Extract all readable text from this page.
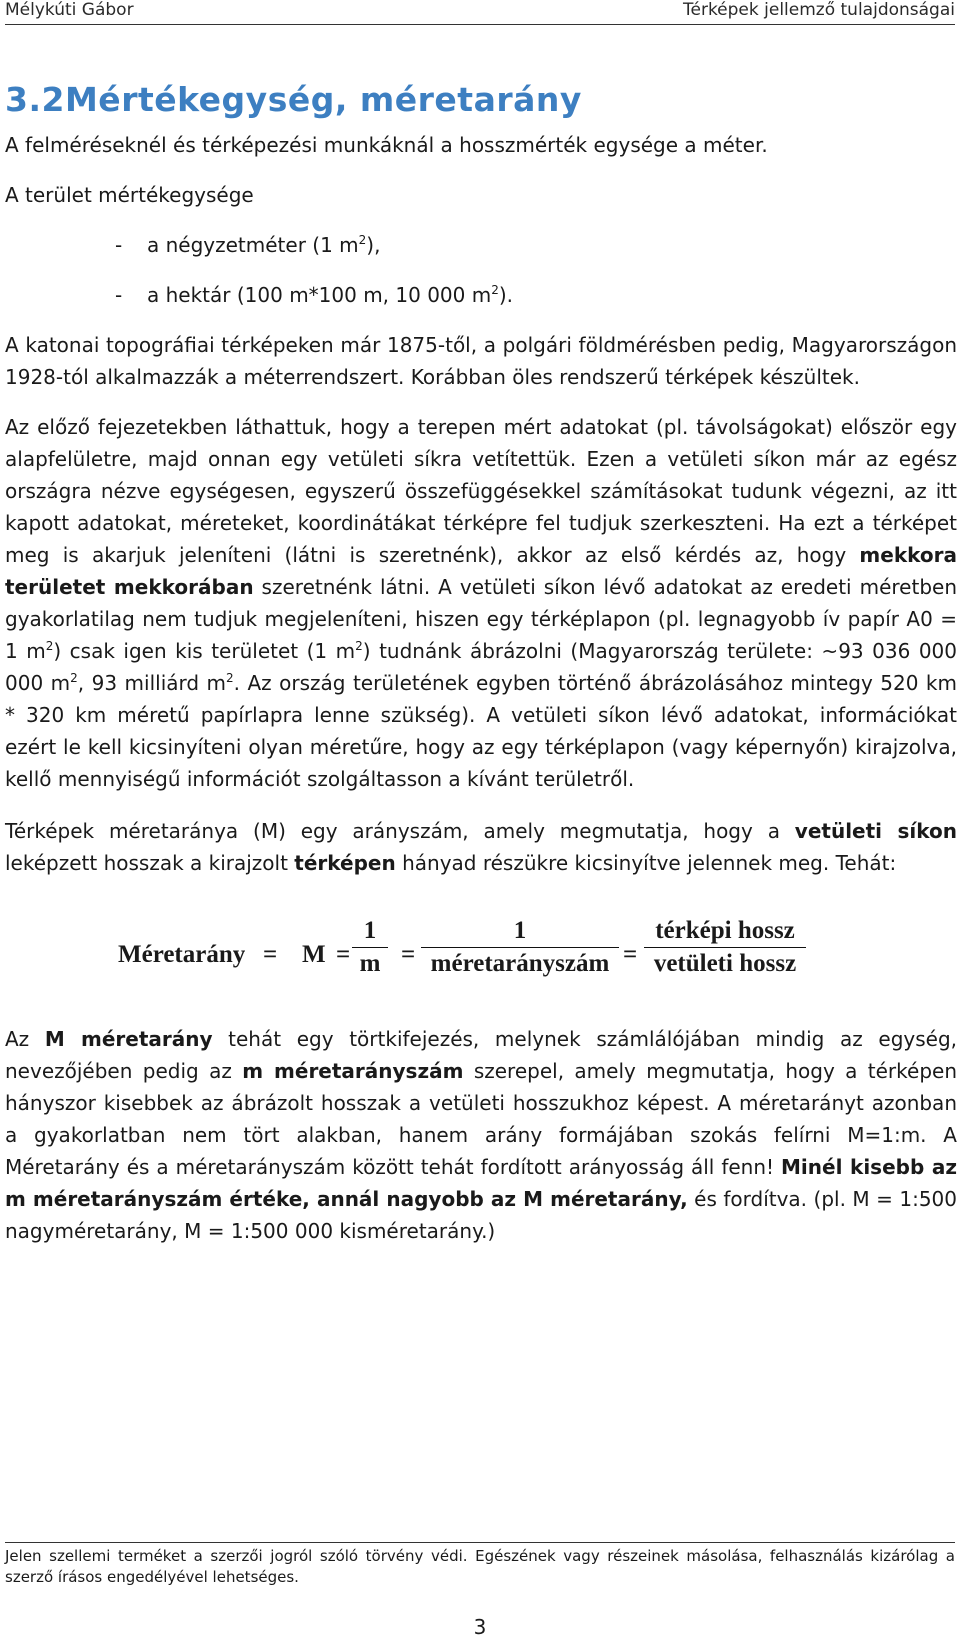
Mélykúti Gábor	Térképek jellemző tulajdonságai
3.2Mértékegység, méretarány

A felméréseknél és térképezési munkáknál a hosszmérték egysége a méter.

A terület mértékegysége

- a négyzetméter (1 $m^2$),
- a hektár (100 m*100 m, 10 000 $m^2$).

A katonai topográfiai térképeken már 1875-től, a polgári földmérésben pedig, Magyarországon 1928-tól alkalmazzák a méterrendszert. Korábban öles rendszerű térképek készültek.

Az előző fejezetekben láthattuk, hogy a terepen mért adatokat (pl. távolságokat) először egy alapfelületre, majd onnan egy vetületi síkra vetítettük. Ezen a vetületi síkon már az egész országra nézve egységesen, egyszerű összefüggésekkel számításokat tudunk végezni, az itt kapott adatokat, méreteket, koordinátákat térképre fel tudjuk szerkeszteni. Ha ezt a térképet meg is akarjuk jeleníteni (látni is szeretnénk), akkor az első kérdés az, hogy mekkora területet mekkorában szeretnénk látni. A vetületi síkon lévő adatokat az eredeti méretben gyakorlatilag nem tudjuk megjeleníteni, hiszen egy térképlapon (pl. legnagyobb ív papír A0 = 1 $m^2$) csak igen kis területet (1 $m^2$) tudnánk ábrázolni (Magyarország területe: ~93 036 000 000 $m^2$, 93 milliárd $m^2$. Az ország területének egyben történő ábrázolásához mintegy 520 km * 320 km méretű papírlapra lenne szükség). A vetületi síkon lévő adatokat, információkat ezért le kell kicsinyíteni olyan méretűre, hogy az egy térképlapon (vagy képernyőn) kirajzolva, kellő mennyiségű információt szolgáltasson a kívánt területről.

Térképek méretaránya (M) egy arányszám, amely megmutatja, hogy a vetületi síkon leképzett hosszak a kirajzolt térképen hányad részükre kicsinyítve jelennek meg. Tehát:

Méretarány = M =
1
m =
1
méretarányszám =
térképi hossz
vetületi hossz

Az M méretarány tehát egy törtkifejezés, melynek számlálójában mindig az egység, nevezőjében pedig az m méretarányszám szerepel, amely megmutatja, hogy a térképen hányszor kisebbek az ábrázolt hosszak a vetületi hosszukhoz képest. A méretarányt azonban a gyakorlatban nem tört alakban, hanem arány formájában szokás felírni M=1:m. A Méretarány és a méretarányszám között tehát fordított arányosság áll fenn! Minél kisebb az m méretarányszám értéke, annál nagyobb az M méretarány, és fordítva. (pl. M = 1:500 nagyméretarány, M = 1:500 000 kisméretarány.)

Jelen szellemi terméket a szerzői jogról szóló törvény védi. Egészének vagy részeinek másolása, felhasználás kizárólag a szerző írásos engedélyével lehetséges.
3
